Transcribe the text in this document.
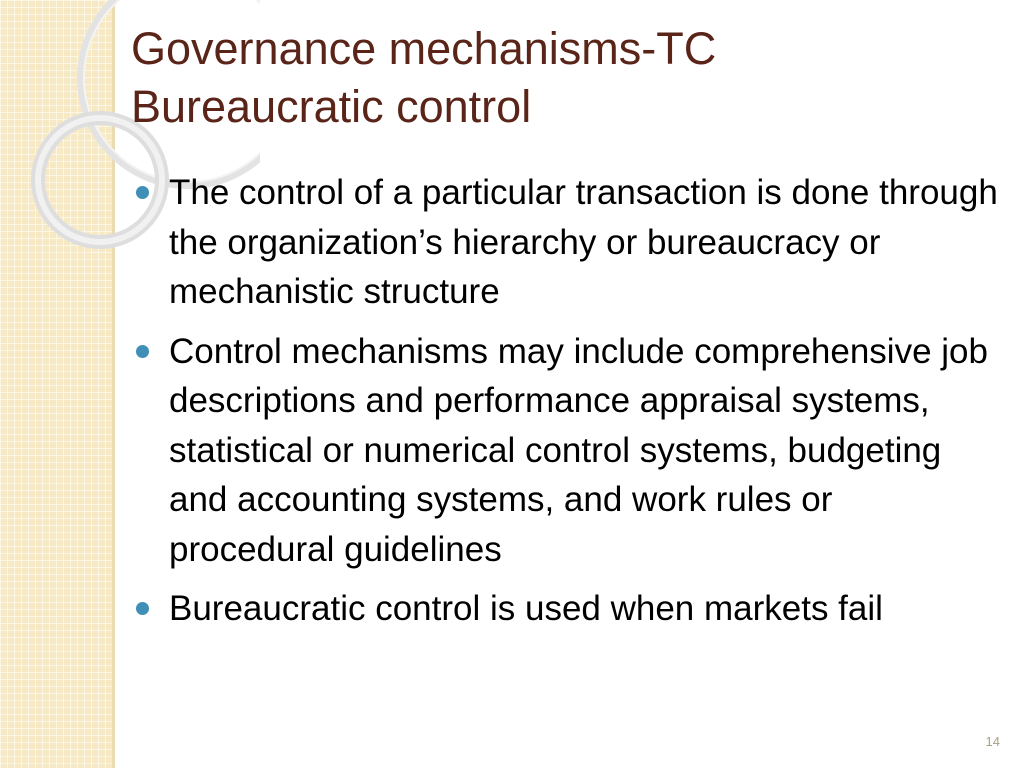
Governance mechanisms-TC
Bureaucratic control
The control of a particular transaction is done through the organization’s hierarchy or bureaucracy or mechanistic structure
Control mechanisms may include comprehensive job descriptions and performance appraisal systems, statistical or numerical control systems, budgeting and accounting systems, and work rules or procedural guidelines
Bureaucratic control is used when markets fail
14
